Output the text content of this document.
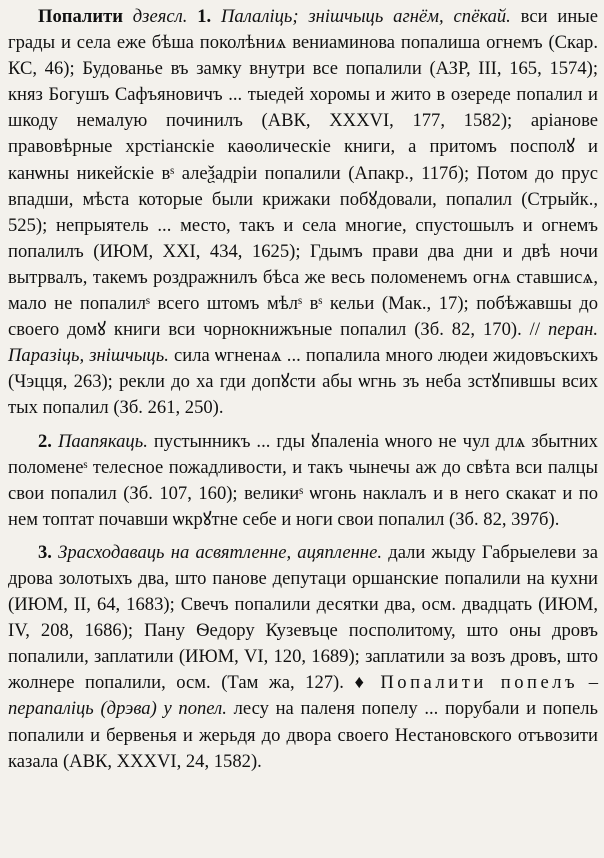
Попалити дзеясл. 1. Палаліць; знішчыць агнём, спёкай. вси иные грады и села еже бѣша поколѣниѧ вениаминова попалиша огнемъ (Скар. КС, 46); Будованье въ замку внутри все попалили (АЗР, III, 165, 1574); княз Богушъ Сафъяновичъ ... тыедей хоромы и жито в озереде попалил и шкоду немалую починилъ (АВК, XXXVI, 177, 1582); аріанове правовѣрные хрстіанскіе каѳолическіе книги, а притомъ посполꙋ и канѡны никейскіе вˢ алеѯадріи попалили (Апакр., 117б); Потом до прус впадши, мѣста которые были крижаки побꙋдовали, попалил (Стрыйк., 525); непрыятель ... место, такъ и села многие, спустошылъ и огнемъ попалилъ (ИЮМ, XXI, 434, 1625); Гдымъ прави два дни и двѣ ночи вытрвалъ, такемъ роздражнилъ бѣса же весь поломенемъ огнѧ ставшисѧ, мало не попалилˢ всего штомъ мѣлˢ вˢ кельи (Мак., 17); побѣжавшы до своего домꙋ книги вси чорнокнижъные попалил (Зб. 82, 170). // перан. Паразіць, знішчыць. сила ѡгненаѧ ... попалила много людеи жидовъскихъ (Чэцця, 263); рекли до ха гди допꙋсти абы ѡгнь зъ неба зстꙋпившы всих тых попалил (Зб. 261, 250).

2. Паапякаць. пустынникъ ... гды ꙋпаленіа ѡного не чул длѧ збытних поломенеˢ телесное пожадливости, и такъ чынечы аж до свѣта вси палцы свои попалил (Зб. 107, 160); великиˢ ѡгонь наклалъ и в него скакат и по нем топтат почавши ѡкрꙋтне себе и ноги свои попалил (Зб. 82, 397б).

3. Зрасходаваць на асвятленне, ацяпленне. дали жыду Габрыелеви за дрова золотыхъ два, што панове депутаци оршанские попалили на кухни (ИЮМ, II, 64, 1683); Свечъ попалили десятки два, осм. двадцать (ИЮМ, IV, 208, 1686); Пану Ѳедору Кузевъце посполитому, што оны дровъ попалили, заплатили (ИЮМ, VI, 120, 1689); заплатили за возъ дровъ, што жолнере попалили, осм. (Там жа, 127). ♦ Попалити попелъ – перапаліць (дрэва) у попел. лесу на паленя попелу ... порубали и попель попалили и бервенья и жерьдя до двора своего Нестановского отъвозити казала (АВК, XXXVI, 24, 1582).
